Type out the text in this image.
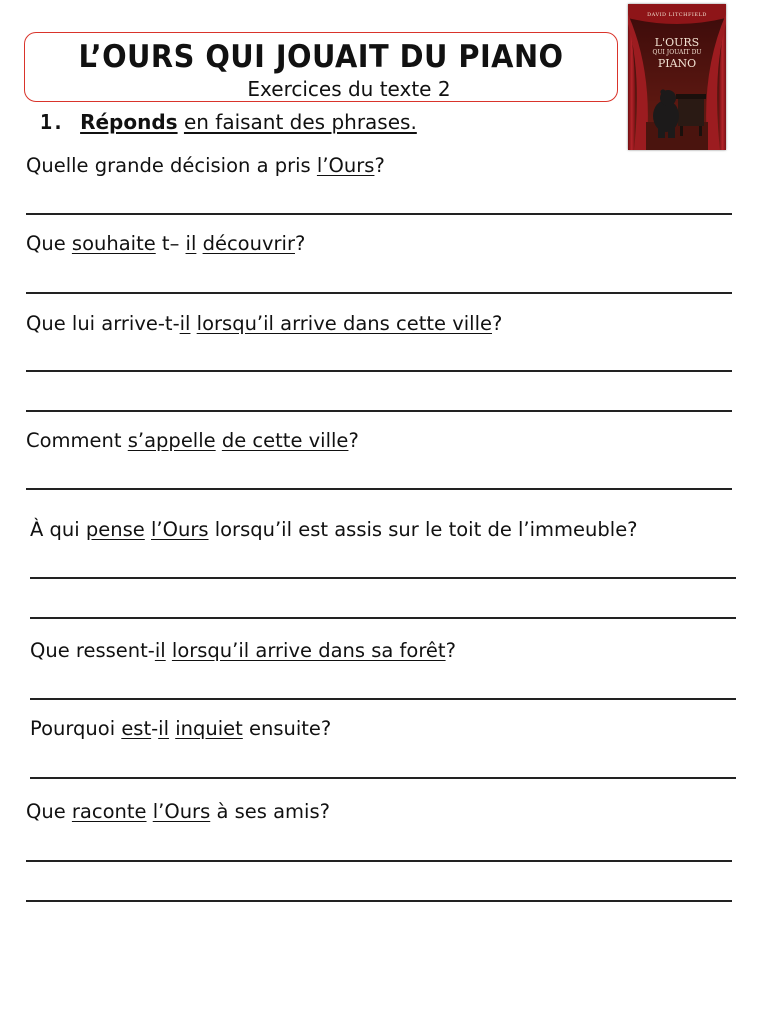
L’OURS QUI JOUAIT DU PIANO
Exercices du texte 2
DAVID LITCHFIELD
L'OURS
QUI JOUAIT DU
PIANO
1. Réponds en faisant des phrases.
Quelle grande décision a pris l’Ours?
Que souhaite t– il découvrir?
Que lui arrive-t-il lorsqu’il arrive dans cette ville?
Comment s’appelle de cette ville?
À qui pense l’Ours lorsqu’il est assis sur le toit de l’immeuble?
Que ressent-il lorsqu’il arrive dans sa forêt?
Pourquoi est-il inquiet ensuite?
Que raconte l’Ours à ses amis?
